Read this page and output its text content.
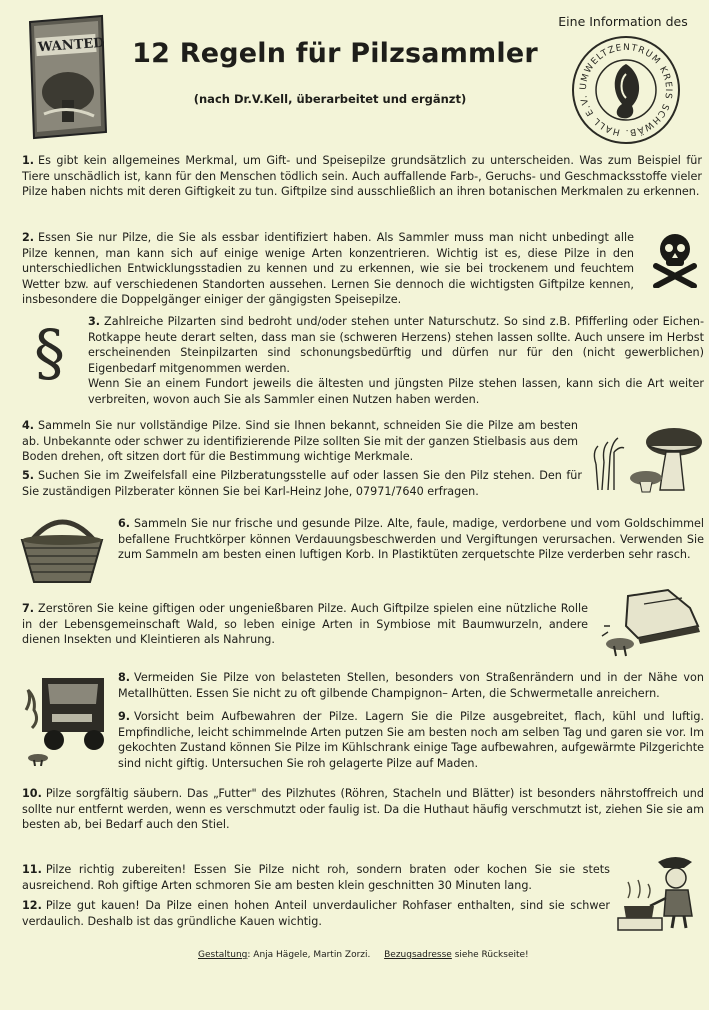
WANTED	12 Regeln für Pilzsammler
(nach Dr.V.Kell, überarbeitet und ergänzt)
Eine Information des
UMWELTZENTRUM KREIS SCHWÄB. HALL E.V.

1. Es gibt kein allgemeines Merkmal, um Gift- und Speisepilze grundsätzlich zu unterscheiden. Was zum Beispiel für Tiere unschädlich ist, kann für den Menschen tödlich sein. Auch auffallende Farb-, Geruchs- und Geschmacksstoffe vieler Pilze haben nichts mit deren Giftigkeit zu tun. Giftpilze sind ausschließlich an ihren botanischen Merkmalen zu erkennen.

2. Essen Sie nur Pilze, die Sie als essbar identifiziert haben. Als Sammler muss man nicht unbedingt alle Pilze kennen, man kann sich auf einige wenige Arten konzentrieren. Wichtig ist es, diese Pilze in den unterschiedlichen Entwicklungsstadien zu kennen und zu erkennen, wie sie bei trockenem und feuchtem Wetter bzw. auf verschiedenen Standorten aussehen. Lernen Sie dennoch die wichtigsten Giftpilze kennen, insbesondere die Doppelgänger einiger der gängigsten Speisepilze.

§ 3. Zahlreiche Pilzarten sind bedroht und/oder stehen unter Naturschutz. So sind z.B. Pfifferling oder Eichen-Rotkappe heute derart selten, dass man sie (schweren Herzens) stehen lassen sollte. Auch unsere im Herbst erscheinenden Steinpilzarten sind schonungsbedürftig und dürfen nur für den (nicht gewerblichen) Eigenbedarf mitgenommen werden.

Wenn Sie an einem Fundort jeweils die ältesten und jüngsten Pilze stehen lassen, kann sich die Art weiter verbreiten, wovon auch Sie als Sammler einen Nutzen haben werden.

4. Sammeln Sie nur vollständige Pilze. Sind sie Ihnen bekannt, schneiden Sie die Pilze am besten ab. Unbekannte oder schwer zu identifizierende Pilze sollten Sie mit der ganzen Stielbasis aus dem Boden drehen, oft sitzen dort für die Bestimmung wichtige Merkmale.

5. Suchen Sie im Zweifelsfall eine Pilzberatungsstelle auf oder lassen Sie den Pilz stehen. Den für Sie zuständigen Pilzberater können Sie bei Karl-Heinz Johe, 07971/7640 erfragen.

6. Sammeln Sie nur frische und gesunde Pilze. Alte, faule, madige, verdorbene und vom Goldschimmel befallene Fruchtkörper können Verdauungsbeschwerden und Vergiftungen verursachen. Verwenden Sie zum Sammeln am besten einen luftigen Korb. In Plastiktüten zerquetschte Pilze verderben sehr rasch.

7. Zerstören Sie keine giftigen oder ungenießbaren Pilze. Auch Giftpilze spielen eine nützliche Rolle in der Lebensgemeinschaft Wald, so leben einige Arten in Symbiose mit Baumwurzeln, andere dienen Insekten und Kleintieren als Nahrung.

8. Vermeiden Sie Pilze von belasteten Stellen, besonders von Straßenrändern und in der Nähe von Metallhütten. Essen Sie nicht zu oft gilbende Champignon– Arten, die Schwermetalle anreichern.

9. Vorsicht beim Aufbewahren der Pilze. Lagern Sie die Pilze ausgebreitet, flach, kühl und luftig. Empfindliche, leicht schimmelnde Arten putzen Sie am besten noch am selben Tag und garen sie vor. Im gekochten Zustand können Sie Pilze im Kühlschrank einige Tage aufbewahren, aufgewärmte Pilzgerichte sind nicht giftig. Untersuchen Sie roh gelagerte Pilze auf Maden.

10. Pilze sorgfältig säubern. Das „Futter" des Pilzhutes (Röhren, Stacheln und Blätter) ist besonders nährstoffreich und sollte nur entfernt werden, wenn es verschmutzt oder faulig ist. Da die Huthaut häufig verschmutzt ist, ziehen Sie sie am besten ab, bei Bedarf auch den Stiel.

11. Pilze richtig zubereiten! Essen Sie Pilze nicht roh, sondern braten oder kochen Sie sie stets ausreichend. Roh giftige Arten schmoren Sie am besten klein geschnitten 30 Minuten lang.

12. Pilze gut kauen! Da Pilze einen hohen Anteil unverdaulicher Rohfaser enthalten, sind sie schwer verdaulich. Deshalb ist das gründliche Kauen wichtig.

Gestaltung: Anja Hägele, Martin Zorzi. Bezugsadresse siehe Rückseite!
